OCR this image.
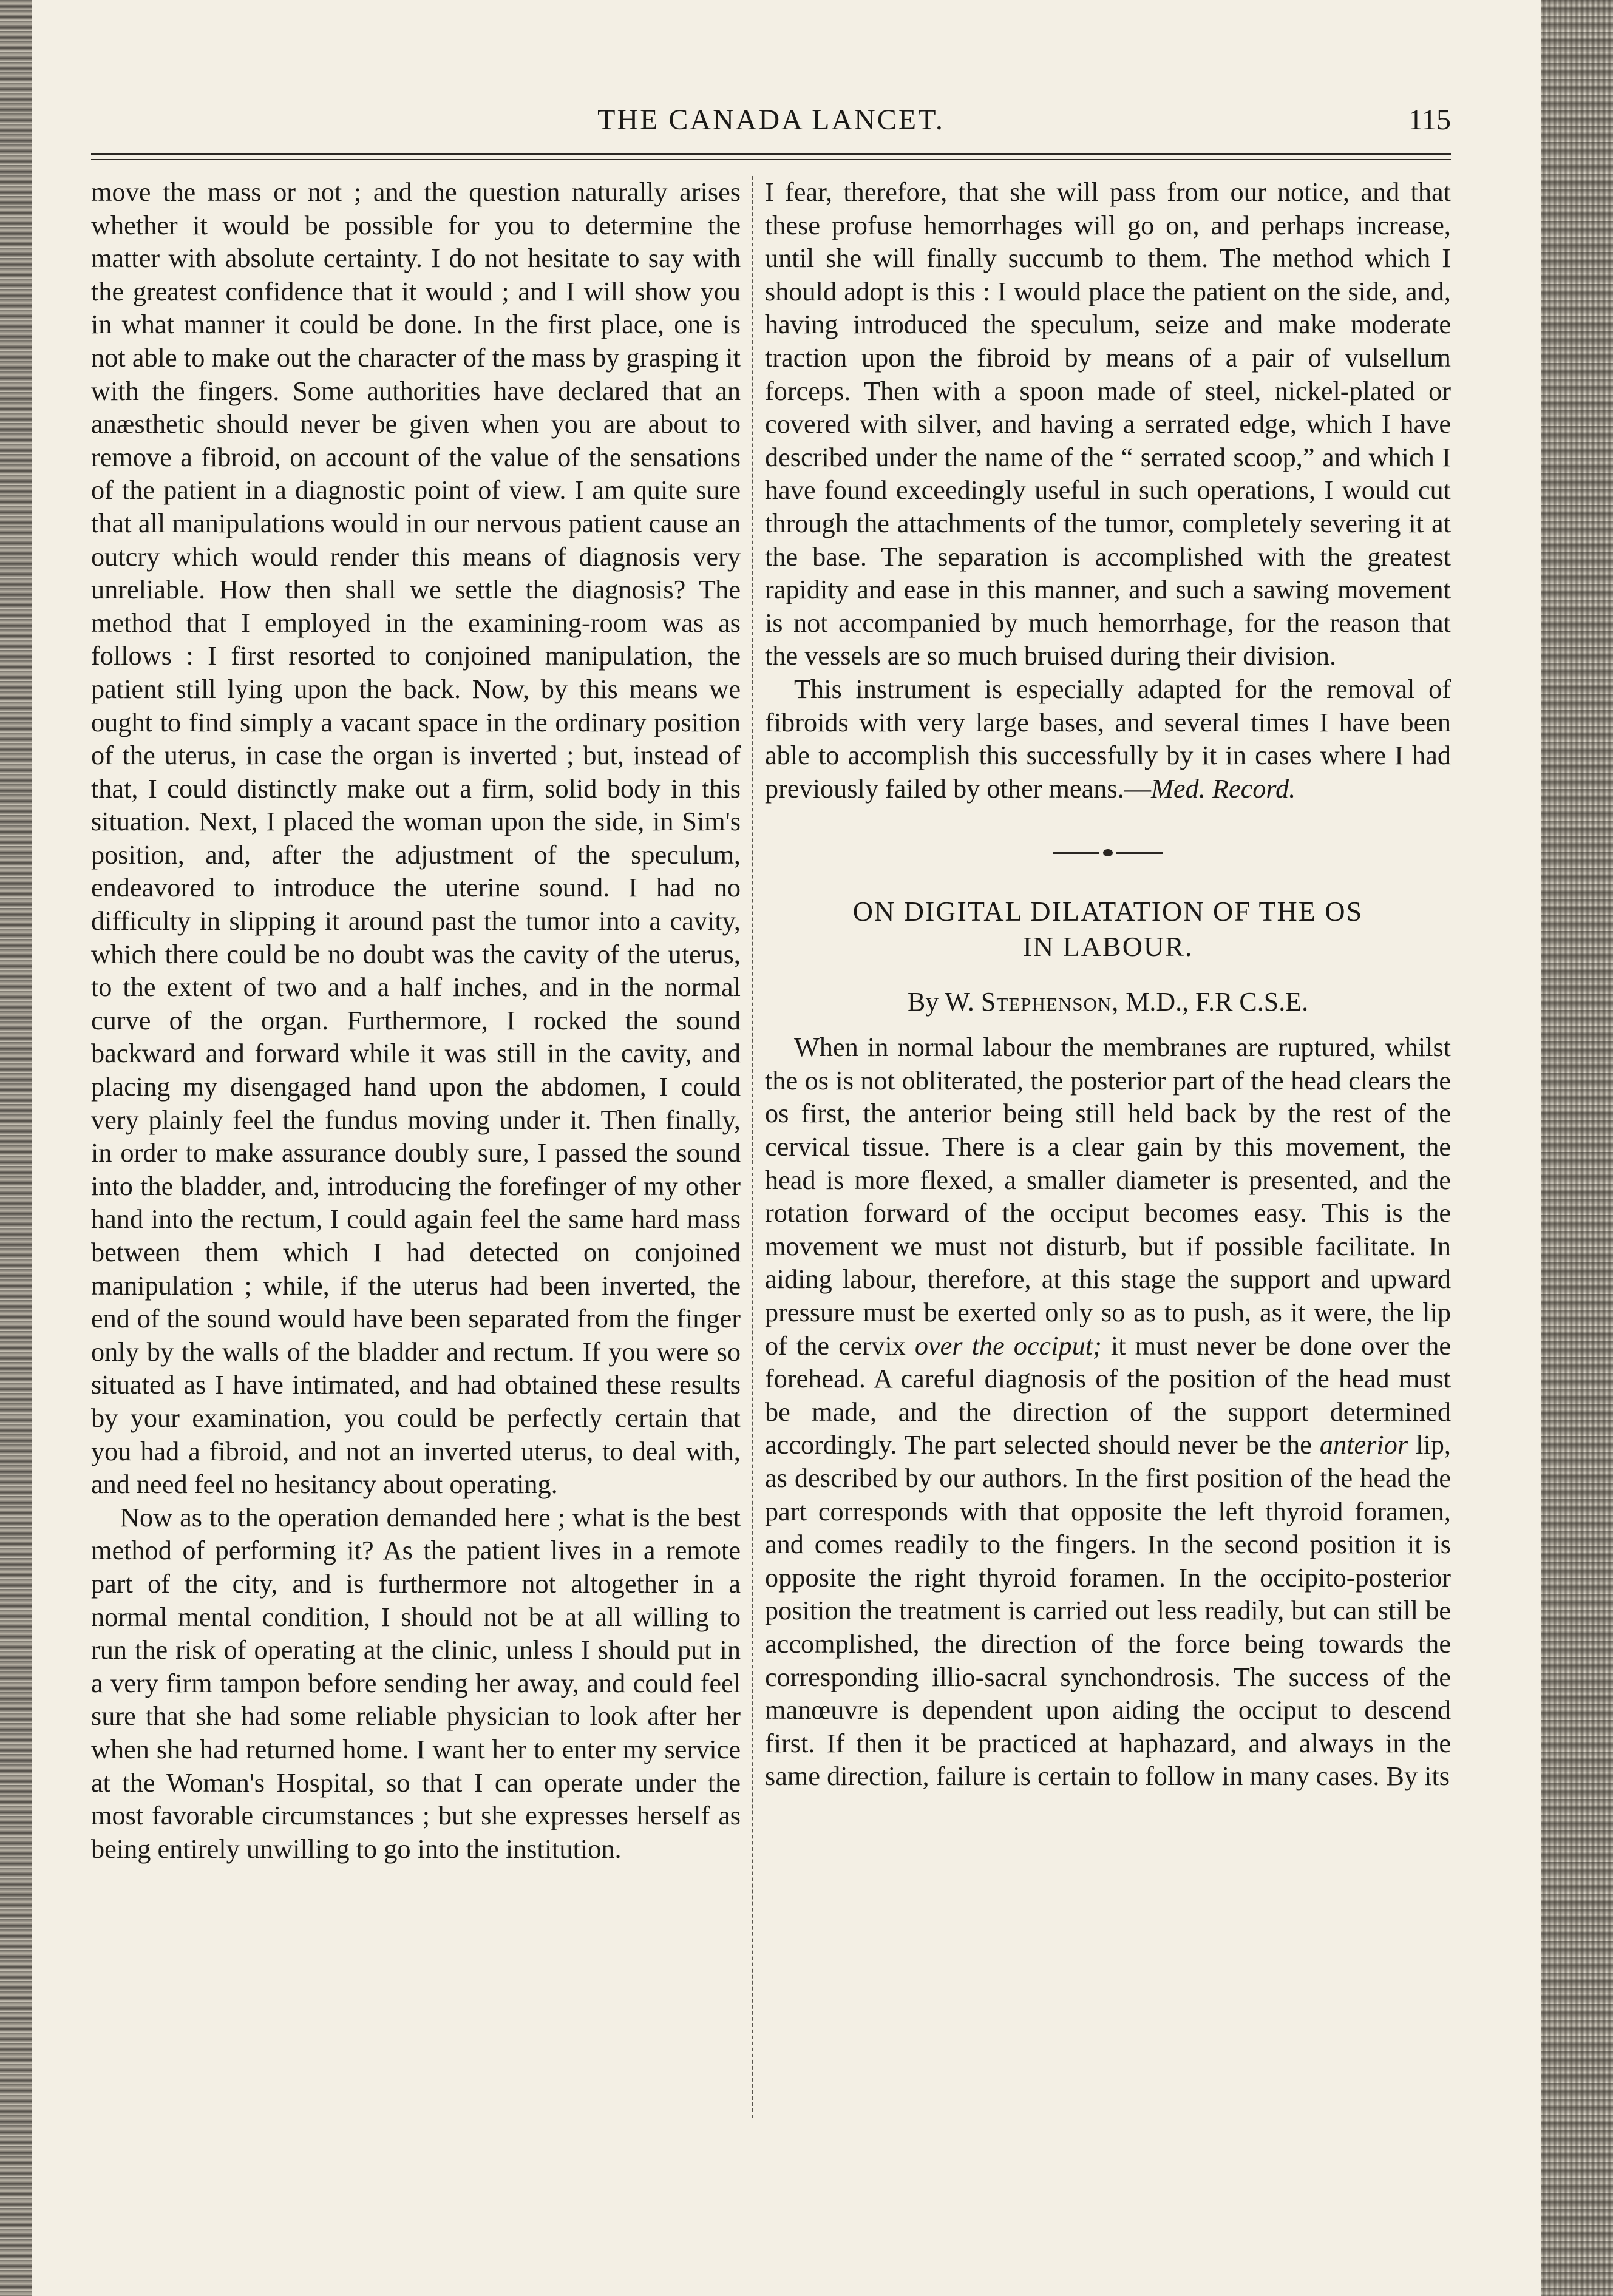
THE CANADA LANCET.	115

move the mass or not ; and the question naturally arises whether it would be possible for you to determine the matter with absolute certainty. I do not hesitate to say with the greatest confidence that it would ; and I will show you in what manner it could be done. In the first place, one is not able to make out the character of the mass by grasping it with the fingers. Some authorities have declared that an anæsthetic should never be given when you are about to remove a fibroid, on account of the value of the sensations of the patient in a diagnostic point of view. I am quite sure that all manipulations would in our nervous patient cause an outcry which would render this means of diagnosis very unreliable. How then shall we settle the diagnosis? The method that I employed in the examining-room was as follows : I first resorted to conjoined manipulation, the patient still lying upon the back. Now, by this means we ought to find simply a vacant space in the ordinary position of the uterus, in case the organ is inverted ; but, instead of that, I could distinctly make out a firm, solid body in this situation. Next, I placed the woman upon the side, in Sim's position, and, after the adjustment of the speculum, endeavored to introduce the uterine sound. I had no difficulty in slipping it around past the tumor into a cavity, which there could be no doubt was the cavity of the uterus, to the extent of two and a half inches, and in the normal curve of the organ. Furthermore, I rocked the sound backward and forward while it was still in the cavity, and placing my disengaged hand upon the abdomen, I could very plainly feel the fundus moving under it. Then finally, in order to make assurance doubly sure, I passed the sound into the bladder, and, introducing the forefinger of my other hand into the rectum, I could again feel the same hard mass between them which I had detected on conjoined manipulation ; while, if the uterus had been inverted, the end of the sound would have been separated from the finger only by the walls of the bladder and rectum. If you were so situated as I have intimated, and had obtained these results by your examination, you could be perfectly certain that you had a fibroid, and not an inverted uterus, to deal with, and need feel no hesitancy about operating.

Now as to the operation demanded here ; what is the best method of performing it? As the patient lives in a remote part of the city, and is furthermore not altogether in a normal mental condition, I should not be at all willing to run the risk of operating at the clinic, unless I should put in a very firm tampon before sending her away, and could feel sure that she had some reliable physician to look after her when she had returned home. I want her to enter my service at the Woman's Hospital, so that I can operate under the most favorable circumstances ; but she expresses herself as being entirely unwilling to go into the institution.

I fear, therefore, that she will pass from our notice, and that these profuse hemorrhages will go on, and perhaps increase, until she will finally succumb to them. The method which I should adopt is this : I would place the patient on the side, and, having introduced the speculum, seize and make moderate traction upon the fibroid by means of a pair of vulsellum forceps. Then with a spoon made of steel, nickel-plated or covered with silver, and having a serrated edge, which I have described under the name of the “ serrated scoop,” and which I have found exceedingly useful in such operations, I would cut through the attachments of the tumor, completely severing it at the base. The separation is accomplished with the greatest rapidity and ease in this manner, and such a sawing movement is not accompanied by much hemorrhage, for the reason that the vessels are so much bruised during their division.

This instrument is especially adapted for the removal of fibroids with very large bases, and several times I have been able to accomplish this successfully by it in cases where I had previously failed by other means.—Med. Record.

ON DIGITAL DILATATION OF THE OS
IN LABOUR.
By W. Stephenson, M.D., F.R C.S.E.

When in normal labour the membranes are ruptured, whilst the os is not obliterated, the posterior part of the head clears the os first, the anterior being still held back by the rest of the cervical tissue. There is a clear gain by this movement, the head is more flexed, a smaller diameter is presented, and the rotation forward of the occiput becomes easy. This is the movement we must not disturb, but if possible facilitate. In aiding labour, therefore, at this stage the support and upward pressure must be exerted only so as to push, as it were, the lip of the cervix over the occiput; it must never be done over the forehead. A careful diagnosis of the position of the head must be made, and the direction of the support determined accordingly. The part selected should never be the anterior lip, as described by our authors. In the first position of the head the part corresponds with that opposite the left thyroid foramen, and comes readily to the fingers. In the second position it is opposite the right thyroid foramen. In the occipito-posterior position the treatment is carried out less readily, but can still be accomplished, the direction of the force being towards the corresponding illio-sacral synchondrosis. The success of the manœuvre is dependent upon aiding the occiput to descend first. If then it be practiced at haphazard, and always in the same direction, failure is certain to follow in many cases. By its
